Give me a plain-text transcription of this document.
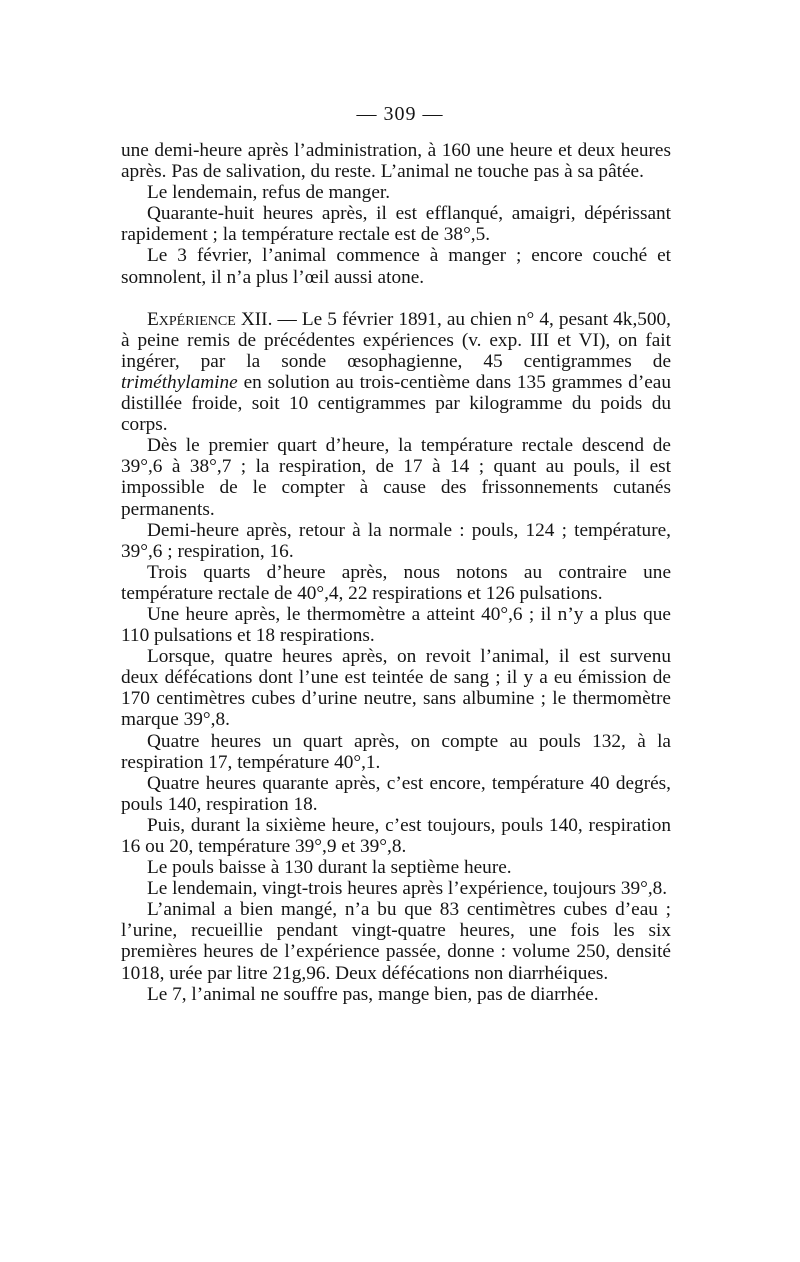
— 309 —

une demi-heure après l’administration, à 160 une heure et deux heures après. Pas de salivation, du reste. L’animal ne touche pas à sa pâtée.

Le lendemain, refus de manger.

Quarante-huit heures après, il est efflanqué, amaigri, dépérissant rapidement ; la température rectale est de 38°,5.

Le 3 février, l’animal commence à manger ; encore couché et somnolent, il n’a plus l’œil aussi atone.

Expérience XII. — Le 5 février 1891, au chien n° 4, pesant 4k,500, à peine remis de précédentes expériences (v. exp. III et VI), on fait ingérer, par la sonde œsophagienne, 45 centigrammes de triméthylamine en solution au trois-centième dans 135 grammes d’eau distillée froide, soit 10 centigrammes par kilogramme du poids du corps.

Dès le premier quart d’heure, la température rectale descend de 39°,6 à 38°,7 ; la respiration, de 17 à 14 ; quant au pouls, il est impossible de le compter à cause des frissonnements cutanés permanents.

Demi-heure après, retour à la normale : pouls, 124 ; température, 39°,6 ; respiration, 16.

Trois quarts d’heure après, nous notons au contraire une température rectale de 40°,4, 22 respirations et 126 pulsations.

Une heure après, le thermomètre a atteint 40°,6 ; il n’y a plus que 110 pulsations et 18 respirations.

Lorsque, quatre heures après, on revoit l’animal, il est survenu deux défécations dont l’une est teintée de sang ; il y a eu émission de 170 centimètres cubes d’urine neutre, sans albumine ; le thermomètre marque 39°,8.

Quatre heures un quart après, on compte au pouls 132, à la respiration 17, température 40°,1.

Quatre heures quarante après, c’est encore, température 40 degrés, pouls 140, respiration 18.

Puis, durant la sixième heure, c’est toujours, pouls 140, respiration 16 ou 20, température 39°,9 et 39°,8.

Le pouls baisse à 130 durant la septième heure.

Le lendemain, vingt-trois heures après l’expérience, toujours 39°,8.

L’animal a bien mangé, n’a bu que 83 centimètres cubes d’eau ; l’urine, recueillie pendant vingt-quatre heures, une fois les six premières heures de l’expérience passée, donne : volume 250, densité 1018, urée par litre 21g,96. Deux défécations non diarrhéiques.

Le 7, l’animal ne souffre pas, mange bien, pas de diarrhée.
